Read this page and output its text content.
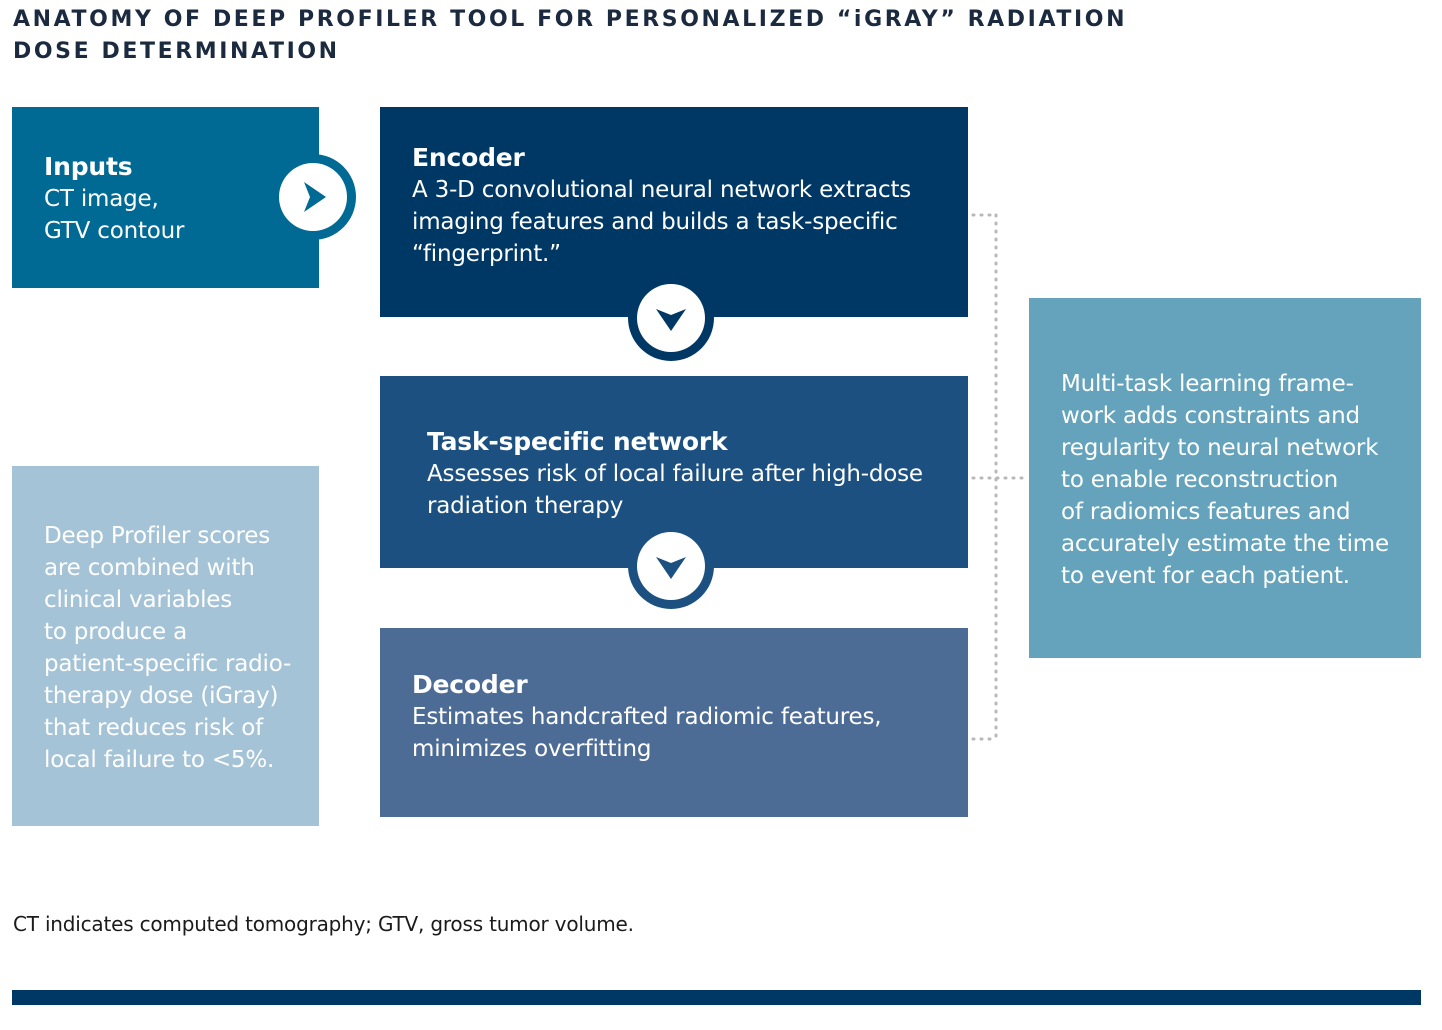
ANATOMY OF DEEP PROFILER TOOL FOR PERSONALIZED “iGRAY” RADIATION DOSE DETERMINATION
Inputs
CT image,
GTV contour
Encoder
A 3-D convolutional neural network extracts
imaging features and builds a task-specific
“fingerprint.”
Task-specific network
Assesses risk of local failure after high-dose
radiation therapy
Decoder
Estimates handcrafted radiomic features,
minimizes overfitting
Deep Profiler scores
are combined with
clinical variables
to produce a
patient-specific radio-
therapy dose (iGray)
that reduces risk of
local failure to <5%.
Multi-task learning frame-
work adds constraints and
regularity to neural network
to enable reconstruction
of radiomics features and
accurately estimate the time
to event for each patient.
CT indicates computed tomography; GTV, gross tumor volume.
